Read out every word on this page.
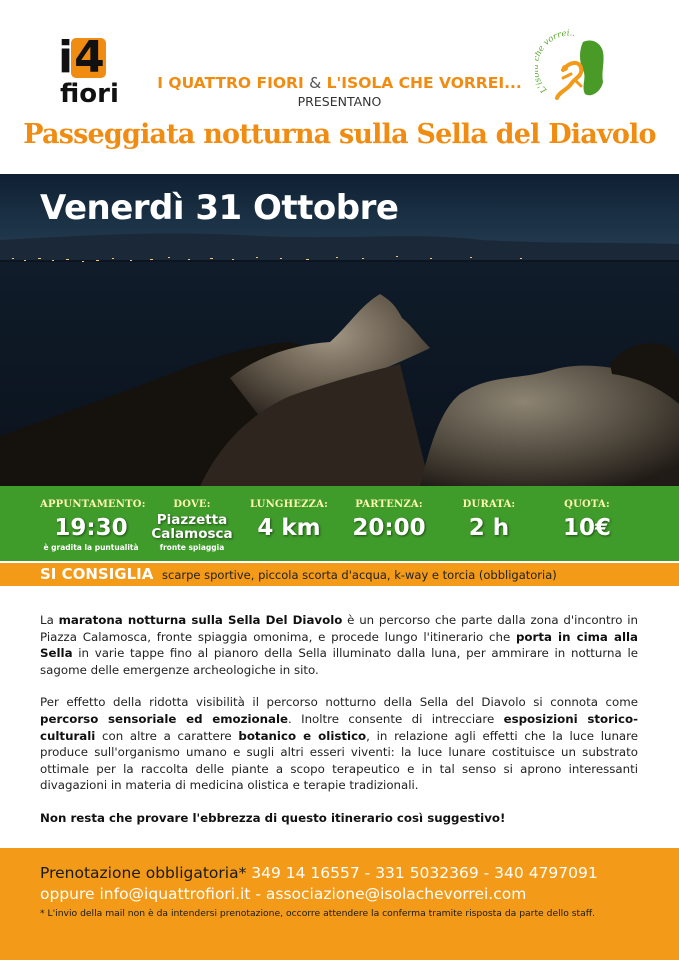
i4
fiori	I QUATTRO FIORI & L'ISOLA CHE VORREI...
PRESENTANO
Passeggiata notturna sulla Sella del Diavolo
L'i e vorrei..
Venerdì 31 Ottobre
APPUNTAMENTO:
19:30
è gradita la puntualità
DOVE:
Piazzetta
Calamosca
fronte spiaggia
LUNGHEZZA:
4 km
PARTENZA:
20:00
DURATA:
2 h
QUOTA:
10€
SI CONSIGLIA scarpe sportive, piccola scorta d'acqua, k-way e torcia (obbligatoria)

La maratona notturna sulla Sella Del Diavolo è un percorso che parte dalla zona d'incontro in Piazza Calamosca, fronte spiaggia omonima, e procede lungo l'itinerario che porta in cima alla Sella in varie tappe fino al pianoro della Sella illuminato dalla luna, per ammirare in notturna le sagome delle emergenze archeologiche in sito.

Per effetto della ridotta visibilità il percorso notturno della Sella del Diavolo si connota come percorso sensoriale ed emozionale. Inoltre consente di intrecciare esposizioni storico-culturali con altre a carattere botanico e olistico, in relazione agli effetti che la luce lunare produce sull'organismo umano e sugli altri esseri viventi: la luce lunare costituisce un substrato ottimale per la raccolta delle piante a scopo terapeutico e in tal senso si aprono interessanti divagazioni in materia di medicina olistica e terapie tradizionali.

Non resta che provare l'ebbrezza di questo itinerario così suggestivo!

Prenotazione obbligatoria* 349 14 16557 - 331 5032369 - 340 4797091
oppure info@iquattrofiori.it - associazione@isolachevorrei.com
* L'invio della mail non è da intendersi prenotazione, occorre attendere la conferma tramite risposta da parte dello staff.
